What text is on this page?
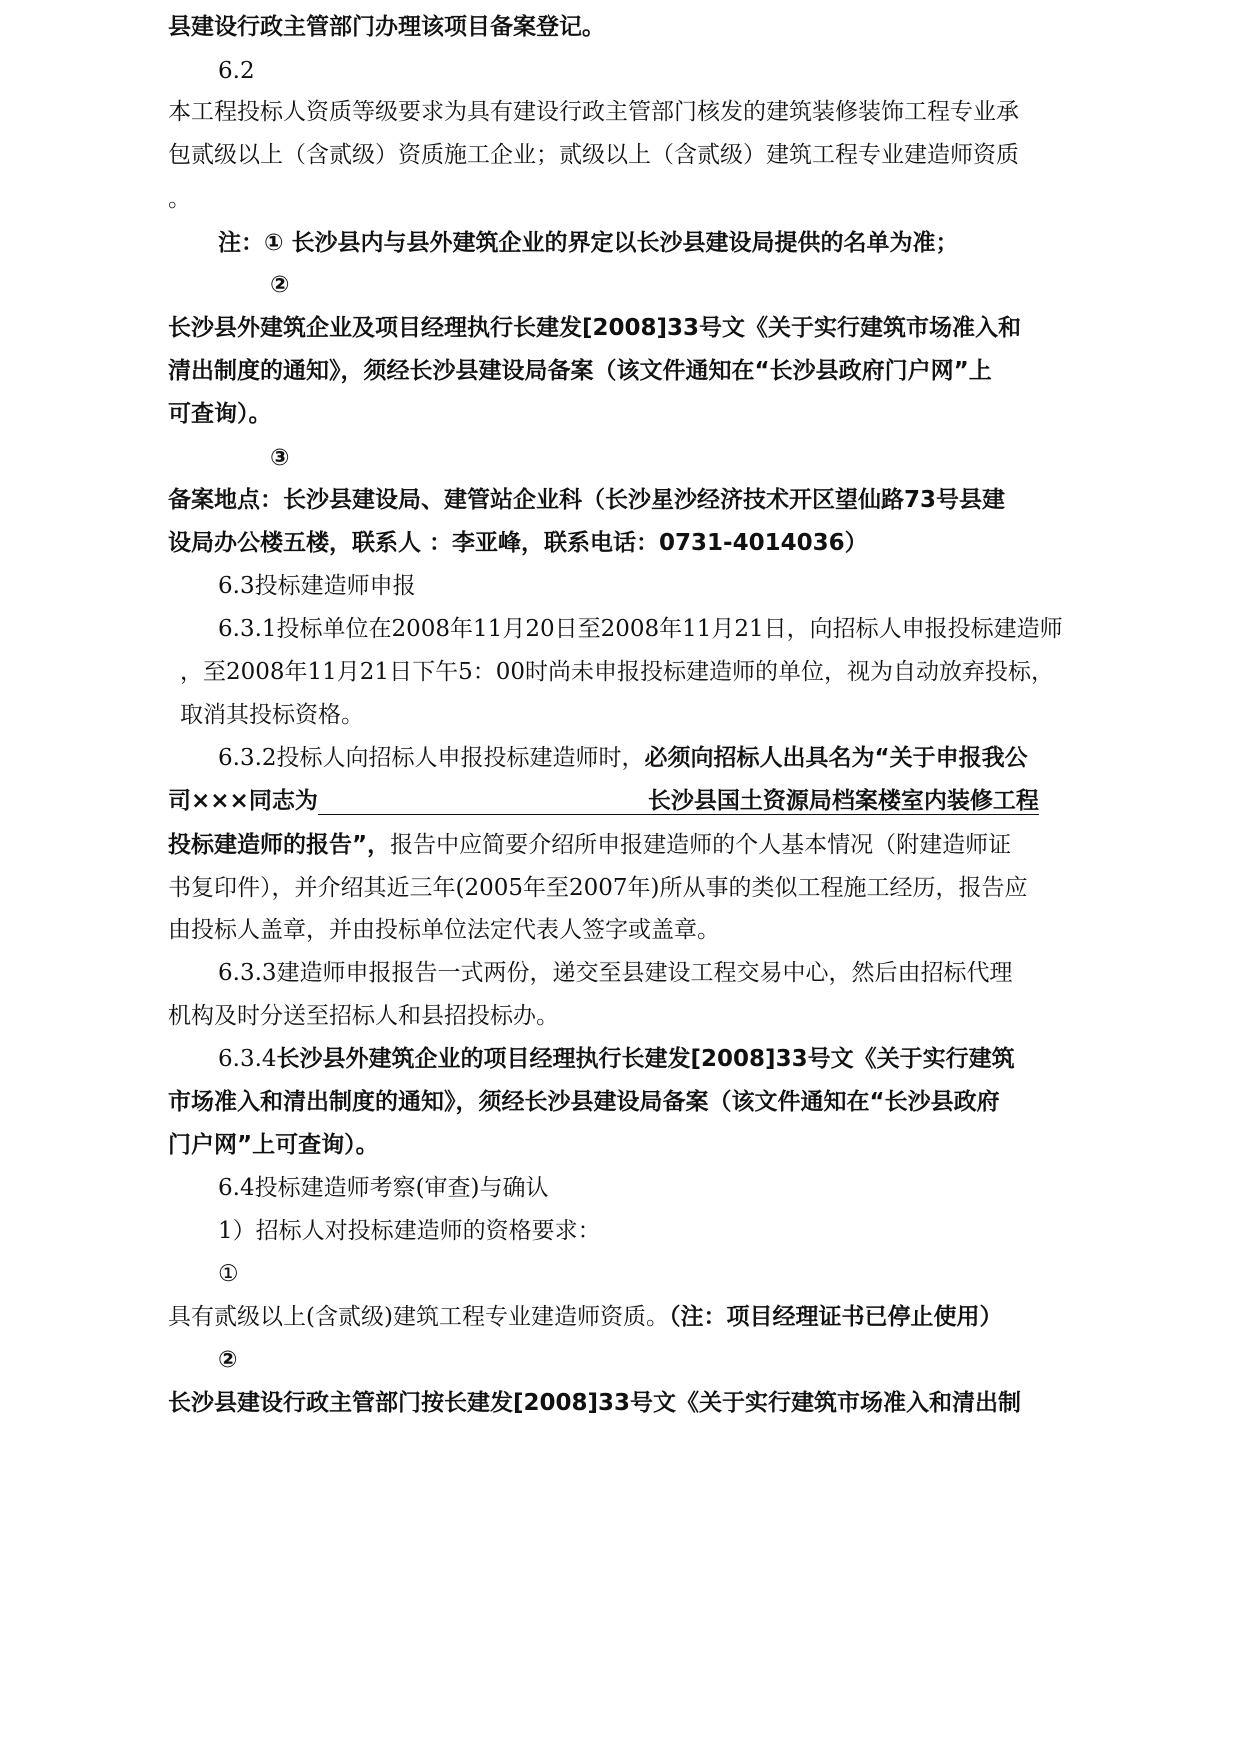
县建设行政主管部门办理该项目备案登记。
6.2
本工程投标人资质等级要求为具有建设行政主管部门核发的建筑装修装饰工程专业承
包贰级以上（含贰级）资质施工企业；贰级以上（含贰级）建筑工程专业建造师资质
。
注：① 长沙县内与县外建筑企业的界定以长沙县建设局提供的名单为准；
②
长沙县外建筑企业及项目经理执行长建发[2008]33号文《关于实行建筑市场准入和
清出制度的通知》，须经长沙县建设局备案（该文件通知在“长沙县政府门户网”上
可查询）。
③
备案地点：长沙县建设局、建管站企业科（长沙星沙经济技术开区望仙路73号县建
设局办公楼五楼，联系人 ：李亚峰，联系电话：0731-4014036）
6.3投标建造师申报
6.3.1投标单位在2008年11月20日至2008年11月21日，向招标人申报投标建造师
，至2008年11月21日下午5：00时尚未申报投标建造师的单位，视为自动放弃投标，
取消其投标资格。
6.3.2投标人向招标人申报投标建造师时，必须向招标人出具名为“关于申报我公
司×××同志为	长沙县国土资源局档案楼室内装修工程
投标建造师的报告”，报告中应简要介绍所申报建造师的个人基本情况（附建造师证
书复印件），并介绍其近三年(2005年至2007年)所从事的类似工程施工经历，报告应
由投标人盖章，并由投标单位法定代表人签字或盖章。
6.3.3建造师申报报告一式两份，递交至县建设工程交易中心，然后由招标代理
机构及时分送至招标人和县招投标办。
6.3.4长沙县外建筑企业的项目经理执行长建发[2008]33号文《关于实行建筑
市场准入和清出制度的通知》，须经长沙县建设局备案（该文件通知在“长沙县政府
门户网”上可查询）。
6.4投标建造师考察(审查)与确认
1）招标人对投标建造师的资格要求：
①
具有贰级以上(含贰级)建筑工程专业建造师资质。（注：项目经理证书已停止使用）
②
长沙县建设行政主管部门按长建发[2008]33号文《关于实行建筑市场准入和清出制
